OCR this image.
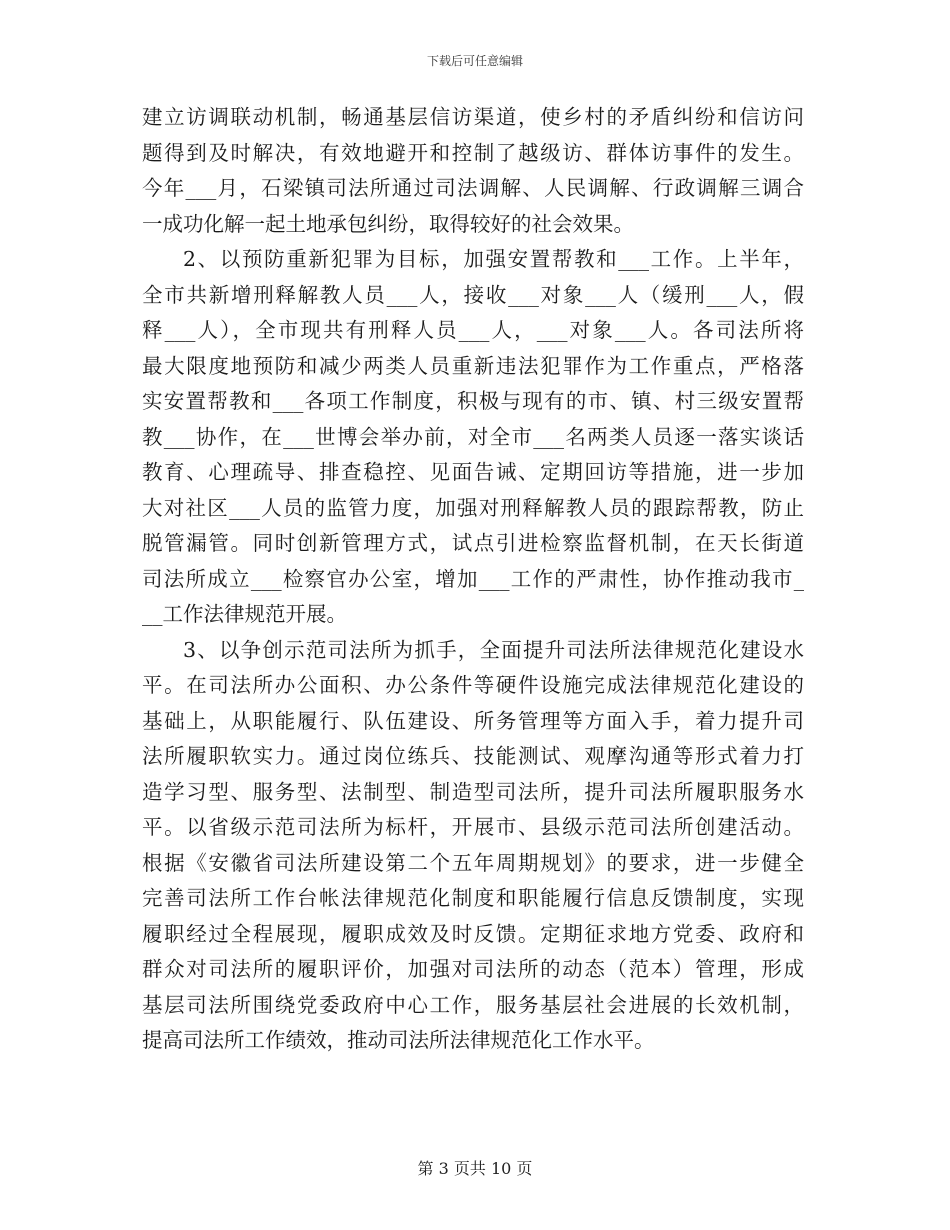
下载后可任意编辑
建立访调联动机制，畅通基层信访渠道，使乡村的矛盾纠纷和信访问
题得到及时解决，有效地避开和控制了越级访、群体访事件的发生。
今年___月，石梁镇司法所通过司法调解、人民调解、行政调解三调合
一成功化解一起土地承包纠纷，取得较好的社会效果。
2、以预防重新犯罪为目标，加强安置帮教和___工作。上半年，
全市共新增刑释解教人员___人，接收___对象___人（缓刑___人，假
释___人），全市现共有刑释人员___人，___对象___人。各司法所将
最大限度地预防和减少两类人员重新违法犯罪作为工作重点，严格落
实安置帮教和___各项工作制度，积极与现有的市、镇、村三级安置帮
教___协作，在___世博会举办前，对全市___名两类人员逐一落实谈话
教育、心理疏导、排查稳控、见面告诫、定期回访等措施，进一步加
大对社区___人员的监管力度，加强对刑释解教人员的跟踪帮教，防止
脱管漏管。同时创新管理方式，试点引进检察监督机制，在天长街道
司法所成立___检察官办公室，增加___工作的严肃性，协作推动我市_
__工作法律规范开展。
3、以争创示范司法所为抓手，全面提升司法所法律规范化建设水
平。在司法所办公面积、办公条件等硬件设施完成法律规范化建设的
基础上，从职能履行、队伍建设、所务管理等方面入手，着力提升司
法所履职软实力。通过岗位练兵、技能测试、观摩沟通等形式着力打
造学习型、服务型、法制型、制造型司法所，提升司法所履职服务水
平。以省级示范司法所为标杆，开展市、县级示范司法所创建活动。
根据《安徽省司法所建设第二个五年周期规划》的要求，进一步健全
完善司法所工作台帐法律规范化制度和职能履行信息反馈制度，实现
履职经过全程展现，履职成效及时反馈。定期征求地方党委、政府和
群众对司法所的履职评价，加强对司法所的动态（范本）管理，形成
基层司法所围绕党委政府中心工作，服务基层社会进展的长效机制，
提高司法所工作绩效，推动司法所法律规范化工作水平。
第 3 页共 10 页
